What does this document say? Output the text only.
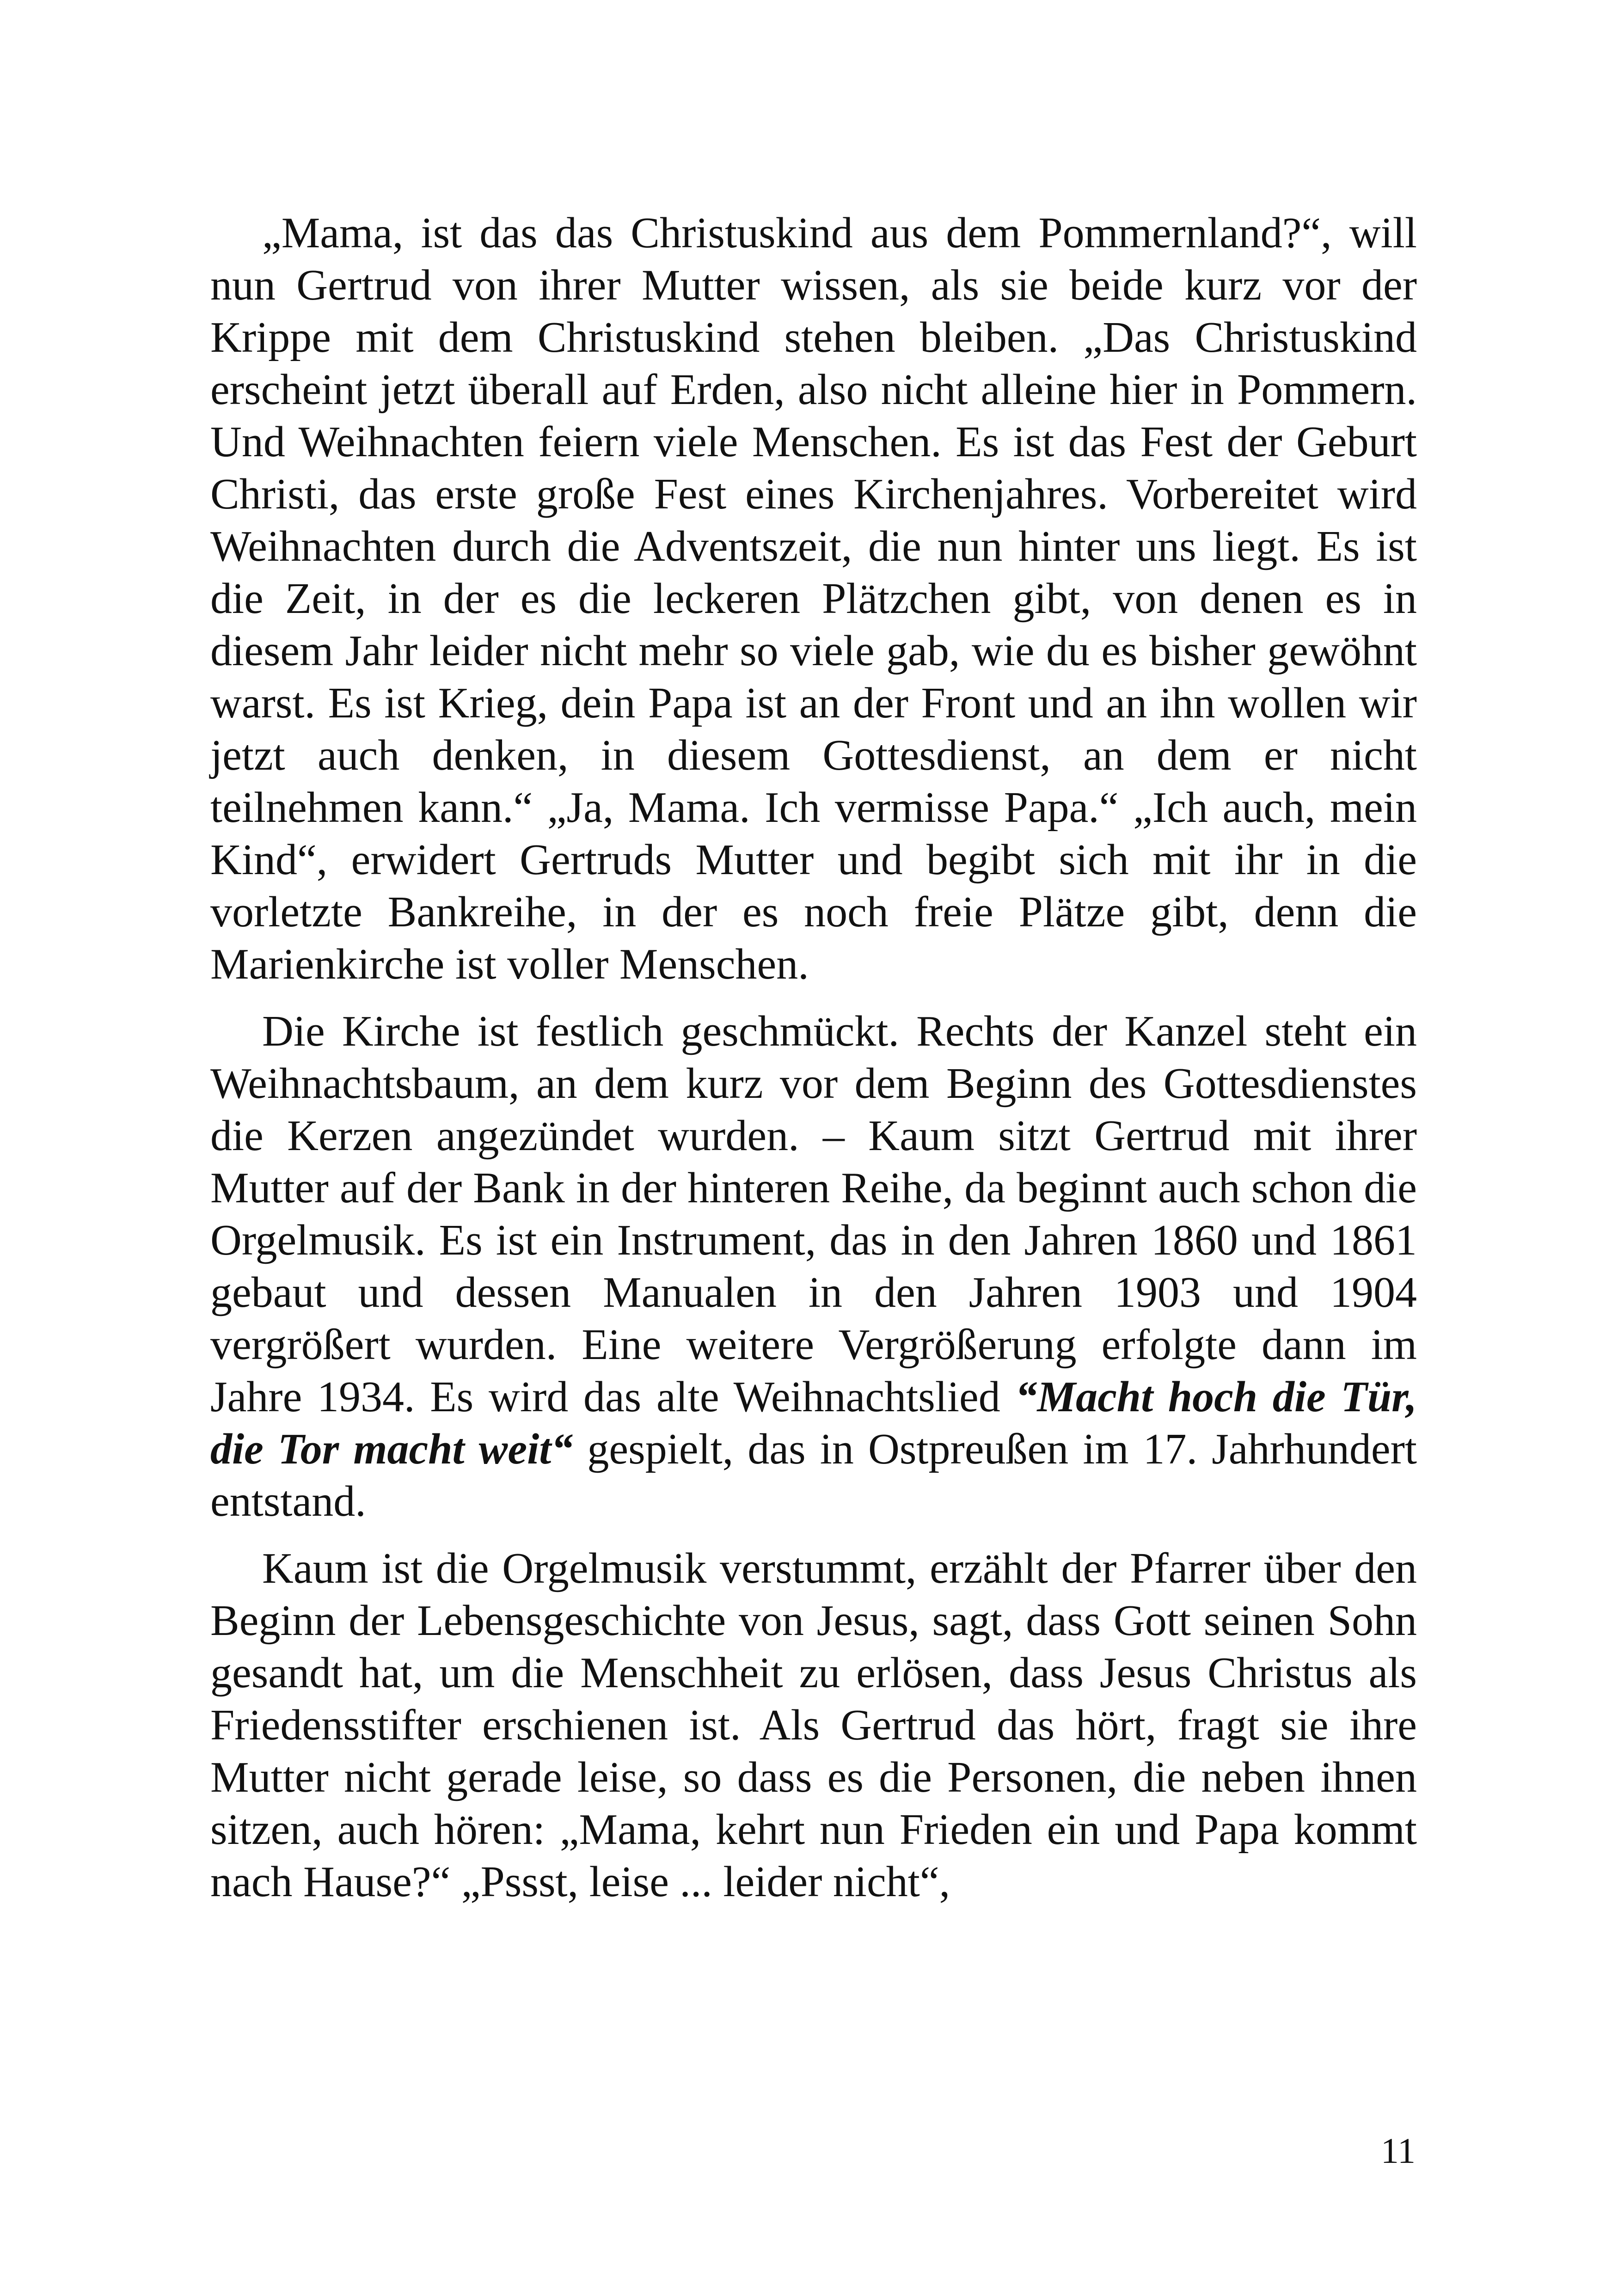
„Mama, ist das das Christuskind aus dem Pommernland?“, will nun Gertrud von ihrer Mutter wissen, als sie beide kurz vor der Krippe mit dem Christuskind stehen bleiben. „Das Christuskind erscheint jetzt überall auf Erden, also nicht alleine hier in Pommern. Und Weihnachten feiern viele Menschen. Es ist das Fest der Geburt Christi, das erste große Fest eines Kirchenjahres. Vorbereitet wird Weihnachten durch die Adventszeit, die nun hinter uns liegt. Es ist die Zeit, in der es die leckeren Plätzchen gibt, von denen es in diesem Jahr leider nicht mehr so viele gab, wie du es bisher gewöhnt warst. Es ist Krieg, dein Papa ist an der Front und an ihn wollen wir jetzt auch denken, in diesem Gottesdienst, an dem er nicht teilnehmen kann.“ „Ja, Mama. Ich vermisse Papa.“ „Ich auch, mein Kind“, erwidert Gertruds Mutter und begibt sich mit ihr in die vorletzte Bankreihe, in der es noch freie Plätze gibt, denn die Marienkirche ist voller Menschen.

Die Kirche ist festlich geschmückt. Rechts der Kanzel steht ein Weihnachtsbaum, an dem kurz vor dem Beginn des Gottesdienstes die Kerzen angezündet wurden. – Kaum sitzt Gertrud mit ihrer Mutter auf der Bank in der hinteren Reihe, da beginnt auch schon die Orgelmusik. Es ist ein Instrument, das in den Jahren 1860 und 1861 gebaut und dessen Manualen in den Jahren 1903 und 1904 vergrößert wurden. Eine weitere Vergrößerung erfolgte dann im Jahre 1934. Es wird das alte Weihnachtslied “Macht hoch die Tür, die Tor macht weit“ gespielt, das in Ostpreußen im 17. Jahrhundert entstand.

Kaum ist die Orgelmusik verstummt, erzählt der Pfarrer über den Beginn der Lebensgeschichte von Jesus, sagt, dass Gott seinen Sohn gesandt hat, um die Menschheit zu erlösen, dass Jesus Christus als Friedensstifter erschienen ist. Als Gertrud das hört, fragt sie ihre Mutter nicht gerade leise, so dass es die Personen, die neben ihnen sitzen, auch hören: „Mama, kehrt nun Frieden ein und Papa kommt nach Hause?“ „Pssst, leise ... leider nicht“,

11
